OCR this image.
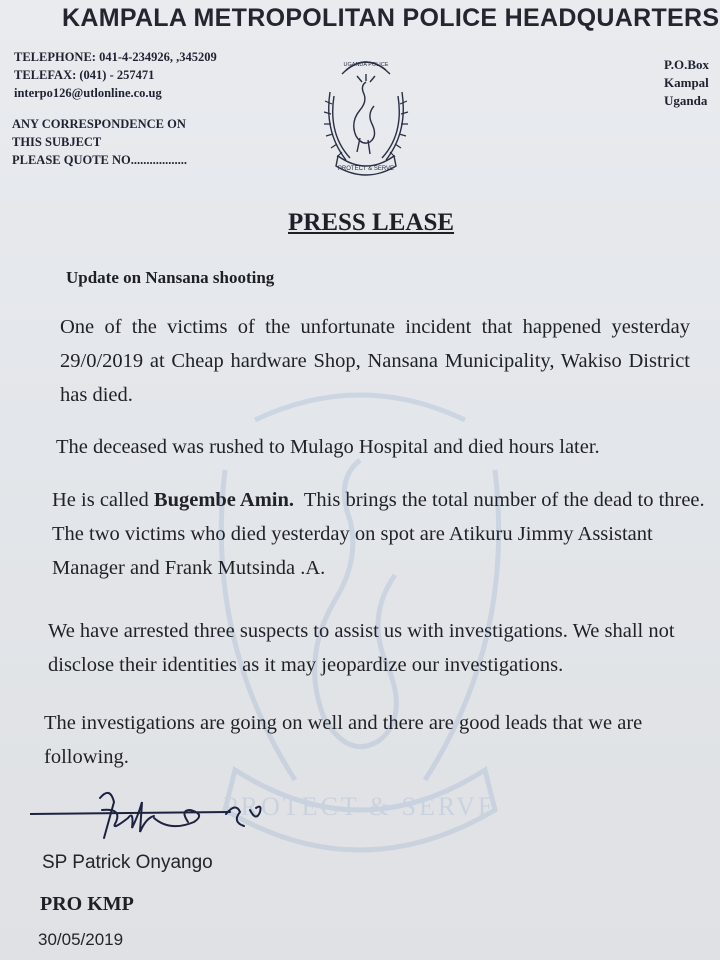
KAMPALA METROPOLITAN POLICE HEADQUARTERS
TELEPHONE: 041-4-234926, ,345209
TELEFAX: (041) - 257471
interpo126@utlonline.co.ug
ANY CORRESPONDENCE ON
THIS SUBJECT
PLEASE QUOTE NO..................
P.O.Box
Kampal
Uganda
UGANDA POLICE
PROTECT & SERVE
PROTECT & SERVE
PRESS LEASE
Update on Nansana shooting
One of the victims of the unfortunate incident that happened yesterday 29/0/2019 at Cheap hardware Shop, Nansana Municipality, Wakiso District has died.
The deceased was rushed to Mulago Hospital and died hours later.
He is called Bugembe Amin.  This brings the total number of the dead to three. The two victims who died yesterday on spot are Atikuru Jimmy Assistant Manager and Frank Mutsinda .A.
We have arrested three suspects to assist us with investigations. We shall not disclose their identities as it may jeopardize our investigations.
The investigations are going on well and there are good leads that we are following.
SP Patrick Onyango
PRO KMP
30/05/2019
